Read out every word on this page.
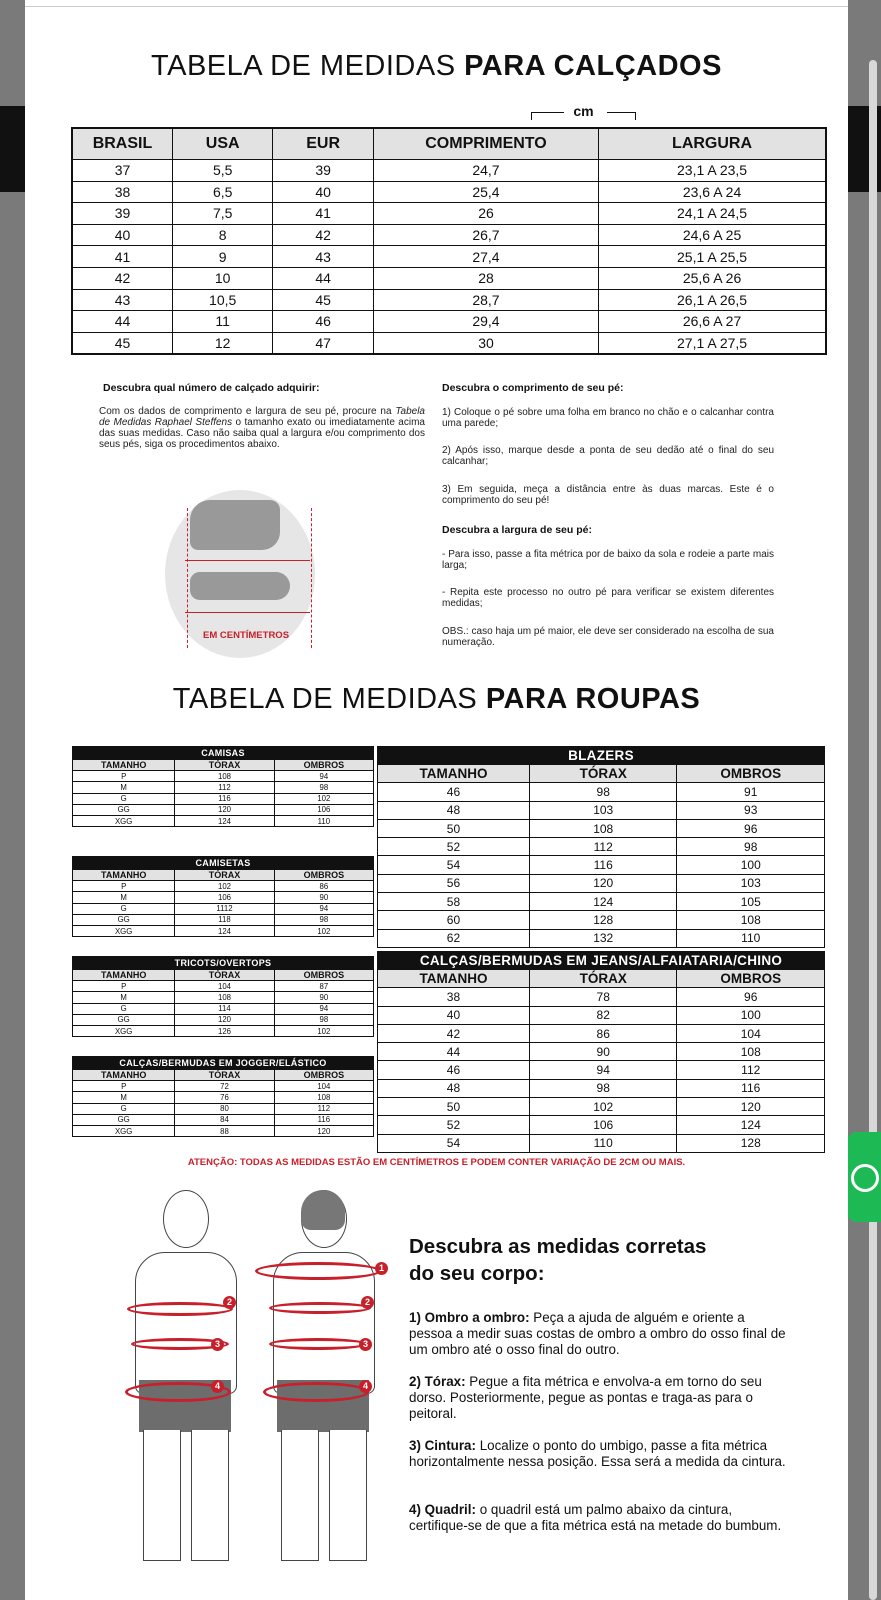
TABELA DE MEDIDAS PARA CALÇADOS
cm
BRASIL	USA	EUR	COMPRIMENTO	LARGURA
37	5,5	39	24,7	23,1 A 23,5
38	6,5	40	25,4	23,6 A 24
39	7,5	41	26	24,1 A 24,5
40	8	42	26,7	24,6 A 25
41	9	43	27,4	25,1 A 25,5
42	10	44	28	25,6 A 26
43	10,5	45	28,7	26,1 A 26,5
44	11	46	29,4	26,6 A 27
45	12	47	30	27,1 A 27,5
Descubra qual número de calçado adquirir:
Com os dados de comprimento e largura de seu pé, procure na Tabela de Medidas Raphael Steffens o tamanho exato ou imediatamente acima das suas medidas. Caso não saiba qual a largura e/ou comprimento dos seus pés, siga os procedimentos abaixo.
EM CENTÍMETROS
Descubra o comprimento de seu pé:
1) Coloque o pé sobre uma folha em branco no chão e o calcanhar contra uma parede;
2) Após isso, marque desde a ponta de seu dedão até o final do seu calcanhar;
3) Em seguida, meça a distância entre às duas marcas. Este é o comprimento do seu pé!
Descubra a largura de seu pé:
- Para isso, passe a fita métrica por de baixo da sola e rodeie a parte mais larga;
- Repita este processo no outro pé para verificar se existem diferentes medidas;
OBS.: caso haja um pé maior, ele deve ser considerado na escolha de sua numeração.
TABELA DE MEDIDAS PARA ROUPAS
CAMISAS		
TAMANHO	TÓRAX	OMBROS
P	108	94
M	112	98
G	116	102
GG	120	106
XGG	124	110
CAMISETAS		
TAMANHO	TÓRAX	OMBROS
P	102	86
M	106	90
G	1112	94
GG	118	98
XGG	124	102
TRICOTS/OVERTOPS		
TAMANHO	TÓRAX	OMBROS
P	104	87
M	108	90
G	114	94
GG	120	98
XGG	126	102
CALÇAS/BERMUDAS EM JOGGER/ELÁSTICO		
TAMANHO	TÓRAX	OMBROS
P	72	104
M	76	108
G	80	112
GG	84	116
XGG	88	120
BLAZERS		
TAMANHO	TÓRAX	OMBROS
46	98	91
48	103	93
50	108	96
52	112	98
54	116	100
56	120	103
58	124	105
60	128	108
62	132	110
CALÇAS/BERMUDAS EM JEANS/ALFAIATARIA/CHINO		
TAMANHO	TÓRAX	OMBROS
38	78	96
40	82	100
42	86	104
44	90	108
46	94	112
48	98	116
50	102	120
52	106	124
54	110	128
ATENÇÃO: TODAS AS MEDIDAS ESTÃO EM CENTÍMETROS E PODEM CONTER VARIAÇÃO DE 2CM OU MAIS.
2
3
4
1
2
3
4
Descubra as medidas corretas
do seu corpo:
1) Ombro a ombro: Peça a ajuda de alguém e oriente a pessoa a medir suas costas de ombro a ombro do osso final de um ombro até o osso final do outro.
2) Tórax: Pegue a fita métrica e envolva-a em torno do seu dorso. Posteriormente, pegue as pontas e traga-as para o peitoral.
3) Cintura: Localize o ponto do umbigo, passe a fita métrica horizontalmente nessa posição. Essa será a medida da cintura.
4) Quadril: o quadril está um palmo abaixo da cintura, certifique-se de que a fita métrica está na metade do bumbum.
